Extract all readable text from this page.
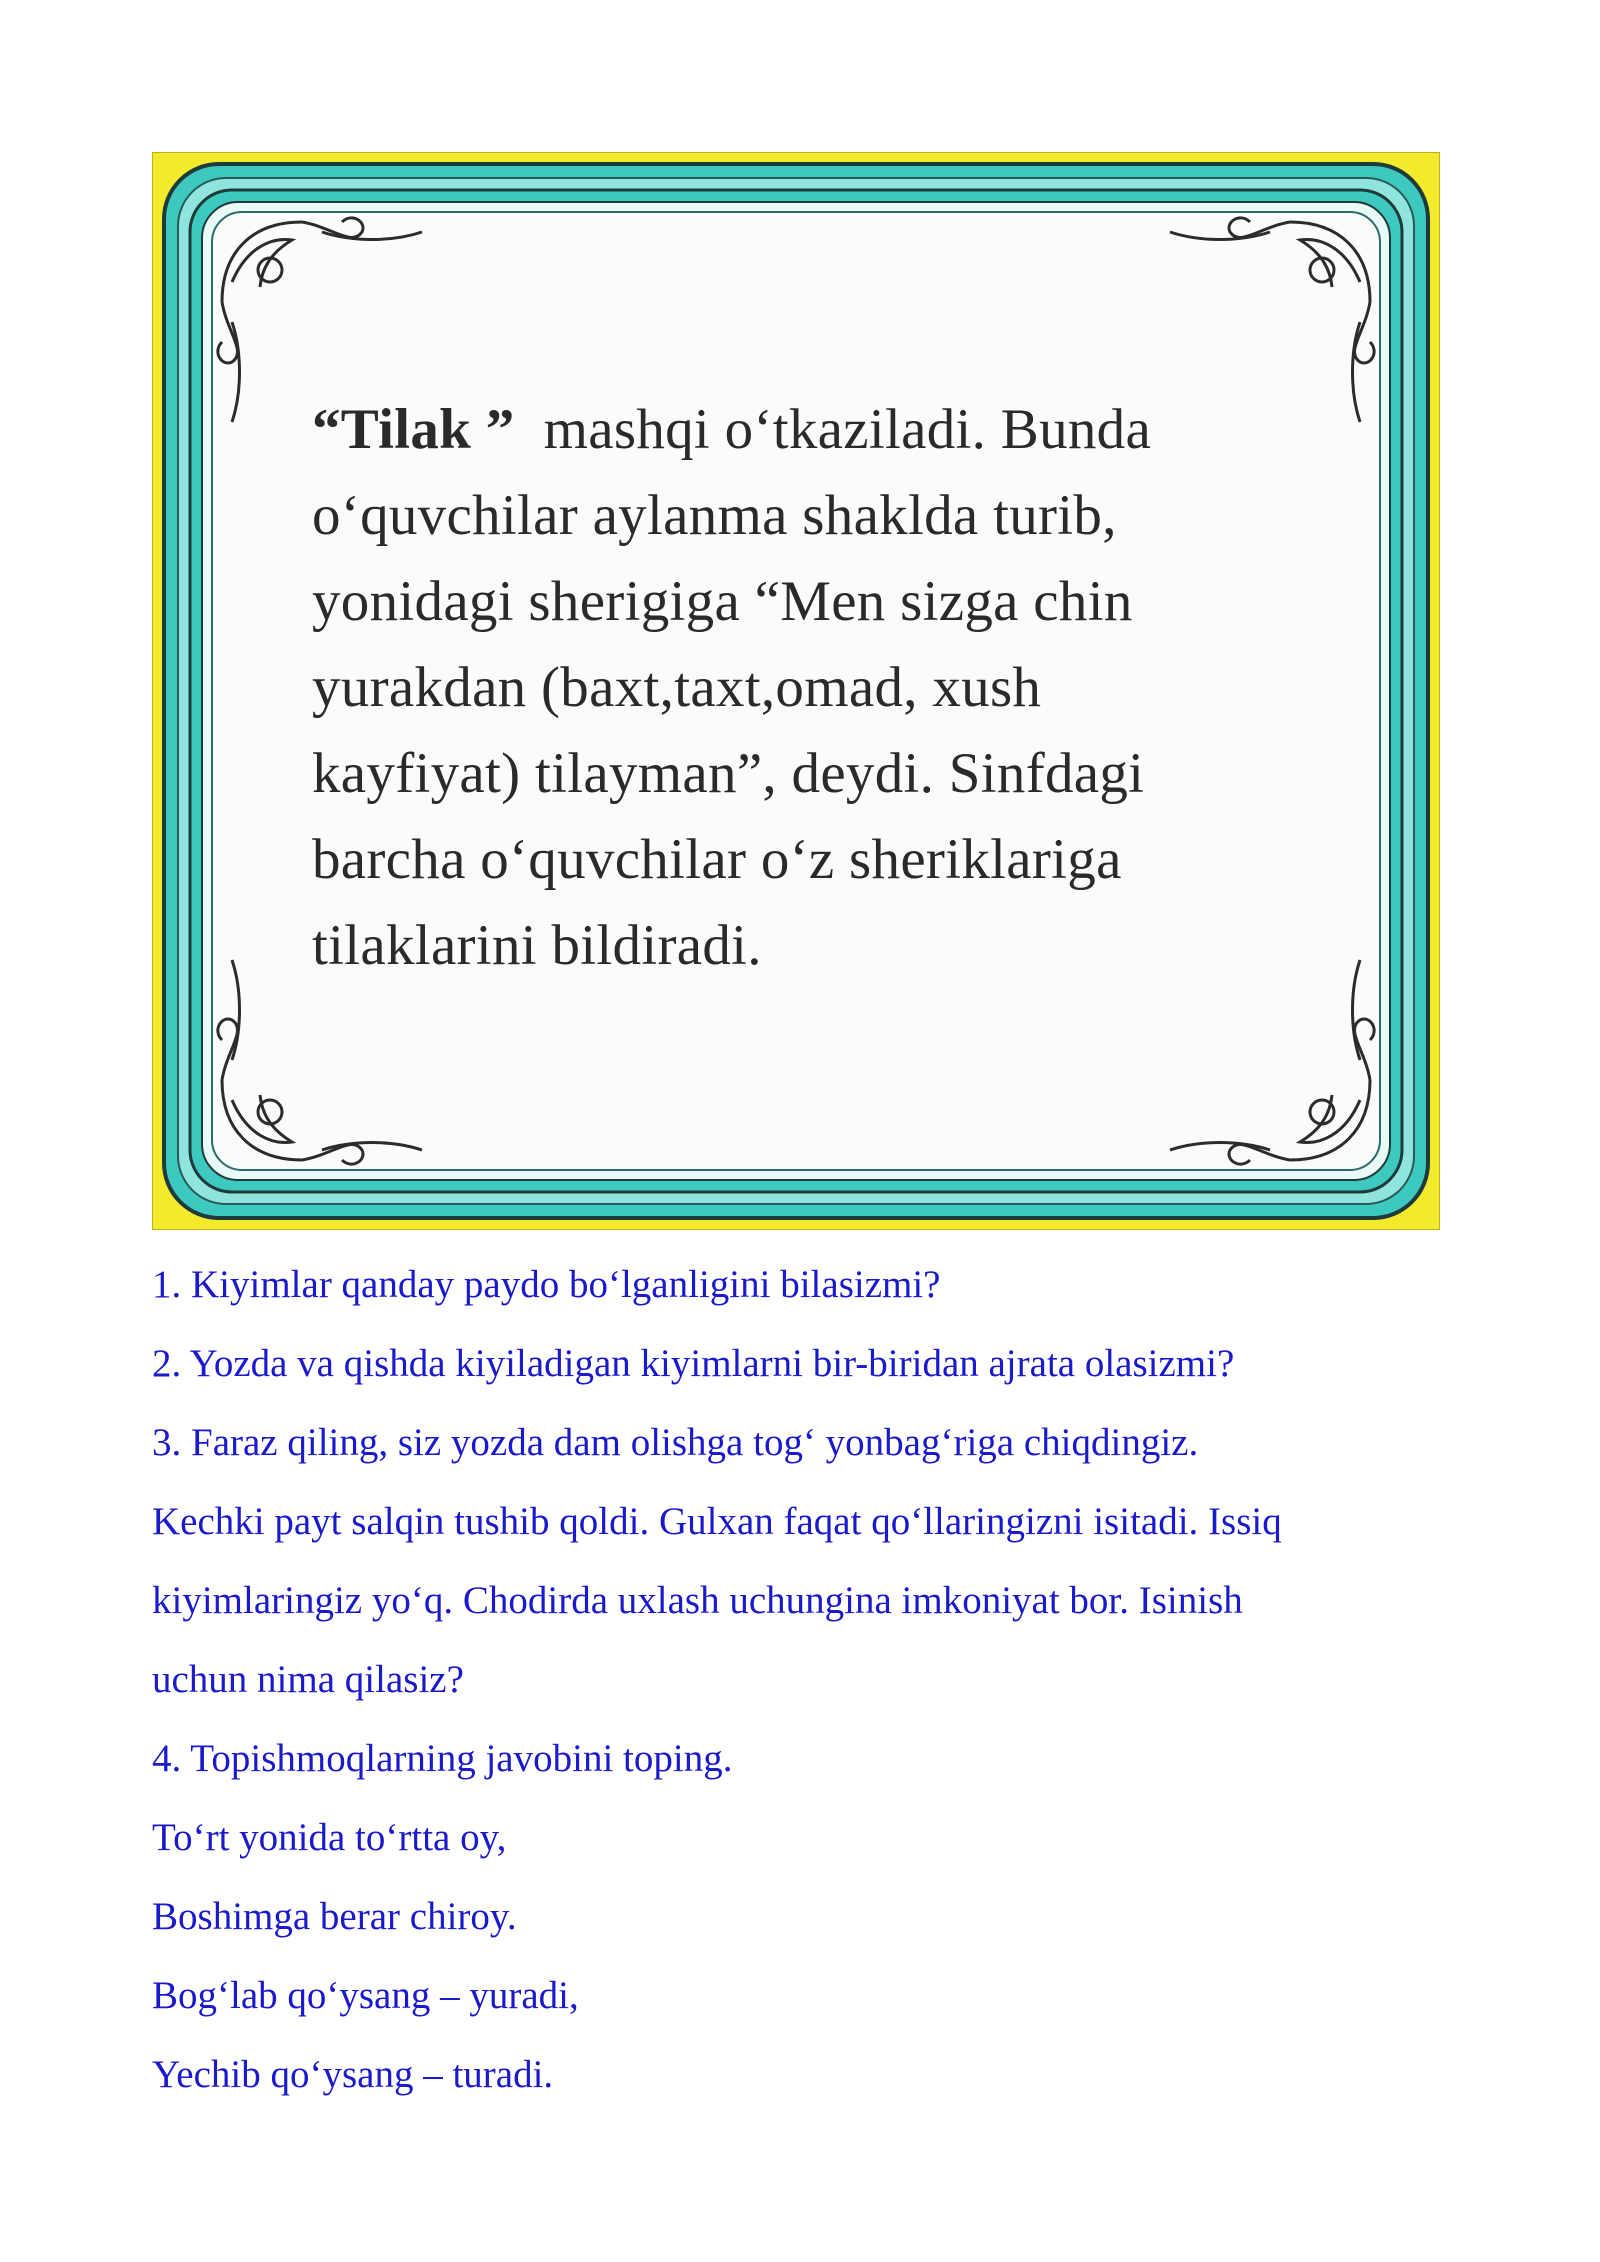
“Tilak ”  mashqi o‘tkaziladi. Bunda
o‘quvchilar aylanma shaklda turib,
yonidagi sherigiga “Men sizga chin
yurakdan (baxt,taxt,omad, xush
kayfiyat) tilayman”, deydi. Sinfdagi
barcha o‘quvchilar o‘z sheriklariga
tilaklarini bildiradi.
1. Kiyimlar qanday paydo bo‘lganligini bilasizmi?
2. Yozda va qishda kiyiladigan kiyimlarni bir-biridan ajrata olasizmi?
3. Faraz qiling, siz yozda dam olishga tog‘ yonbag‘riga chiqdingiz.
Kechki payt salqin tushib qoldi. Gulxan faqat qo‘llaringizni isitadi. Issiq
kiyimlaringiz yo‘q. Chodirda uxlash uchungina imkoniyat bor. Isinish
uchun nima qilasiz?
4. Topishmoqlarning javobini toping.
To‘rt yonida to‘rtta oy,
Boshimga berar chiroy.
Bog‘lab qo‘ysang – yuradi,
Yechib qo‘ysang – turadi.
